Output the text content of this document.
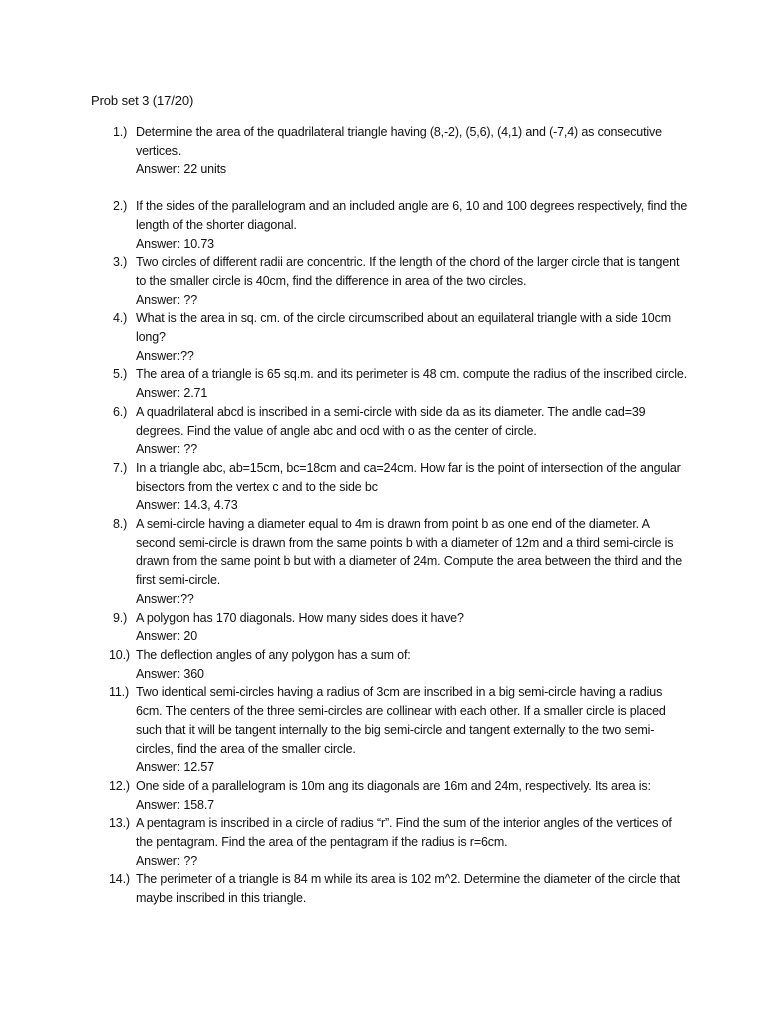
Prob set 3 (17/20)
1.) Determine the area of the quadrilateral triangle having (8,-2), (5,6), (4,1) and (-7,4) as consecutive vertices.
Answer: 22 units
2.) If the sides of the parallelogram and an included angle are 6, 10 and 100 degrees respectively, find the length of the shorter diagonal.
Answer: 10.73
3.) Two circles of different radii are concentric. If the length of the chord of the larger circle that is tangent to the smaller circle is 40cm, find the difference in area of the two circles.
Answer: ??
4.) What is the area in sq. cm. of the circle circumscribed about an equilateral triangle with a side 10cm long?
Answer:??
5.) The area of a triangle is 65 sq.m. and its perimeter is 48 cm. compute the radius of the inscribed circle.
Answer: 2.71
6.) A quadrilateral abcd is inscribed in a semi-circle with side da as its diameter. The andle cad=39 degrees. Find the value of angle abc and ocd with o as the center of circle.
Answer: ??
7.) In a triangle abc, ab=15cm, bc=18cm and ca=24cm. How far is the point of intersection of the angular bisectors from the vertex c and to the side bc
Answer: 14.3, 4.73
8.) A semi-circle having a diameter equal to 4m is drawn from point b as one end of the diameter. A second semi-circle is drawn from the same points b with a diameter of 12m and a third semi-circle is drawn from the same point b but with a diameter of 24m. Compute the area between the third and the first semi-circle.
Answer:??
9.) A polygon has 170 diagonals. How many sides does it have?
Answer: 20
10.) The deflection angles of any polygon has a sum of:
Answer: 360
11.) Two identical semi-circles having a radius of 3cm are inscribed in a big semi-circle having a radius 6cm. The centers of the three semi-circles are collinear with each other. If a smaller circle is placed such that it will be tangent internally to the big semi-circle and tangent externally to the two semi-circles, find the area of the smaller circle.
Answer: 12.57
12.) One side of a parallelogram is 10m ang its diagonals are 16m and 24m, respectively. Its area is:
Answer: 158.7
13.) A pentagram is inscribed in a circle of radius “r”. Find the sum of the interior angles of the vertices of the pentagram. Find the area of the pentagram if the radius is r=6cm.
Answer: ??
14.) The perimeter of a triangle is 84 m while its area is 102 m^2. Determine the diameter of the circle that maybe inscribed in this triangle.
